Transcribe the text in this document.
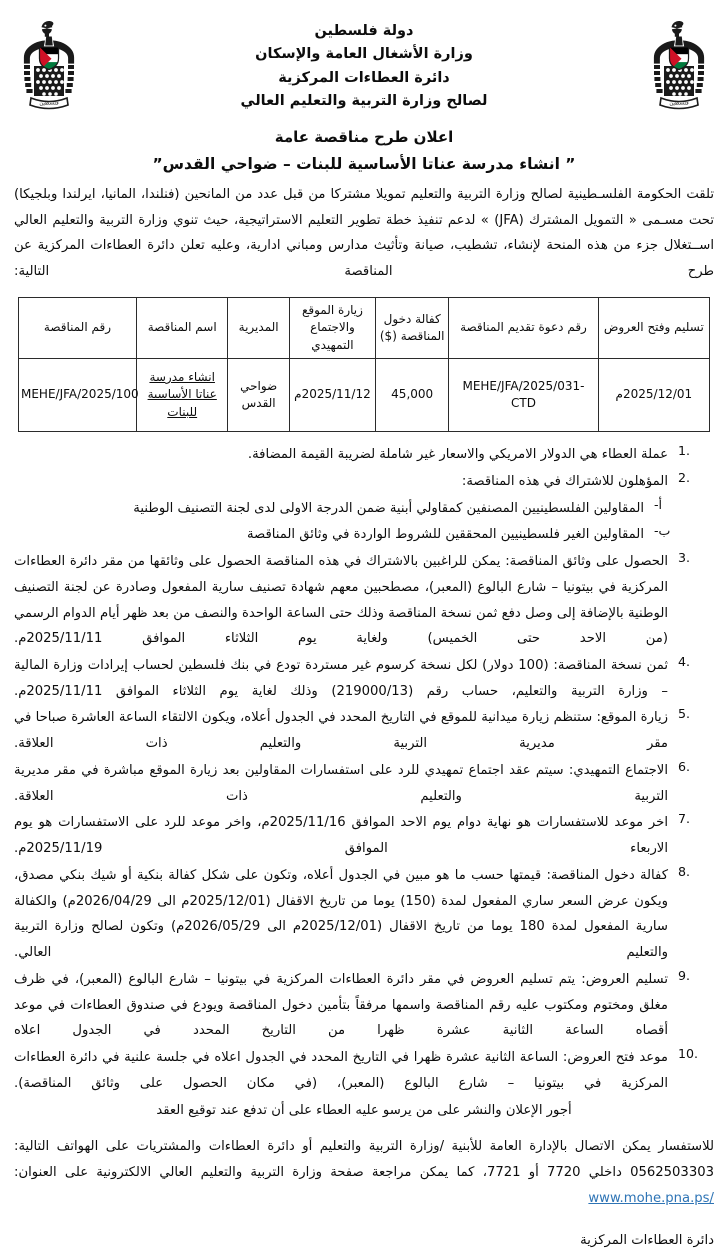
فلسطين	فلسطين
دولة فلسطين
وزارة الأشغال العامة والإسكان
دائرة العطاءات المركزية
لصالح وزارة التربية والتعليم العالي
اعلان طرح مناقصة عامة
” انشاء مدرسة عناتا الأساسية للبنات – ضواحي القدس”

تلقت الحكومة الفلسـطينية لصالح وزارة التربية والتعليم تمويلا مشتركا من قبل عدد من المانحين (فنلندا، المانيا، ايرلندا وبلجيكا) تحت مسـمى « التمويل المشترك (JFA) » لدعم تنفيذ خطة تطوير التعليم الاستراتيجية، حيث تنوي وزارة التربية والتعليم العالي اســتغلال جزء من هذه المنحة لإنشاء، تشطيب، صيانة وتأثيث مدارس ومباني ادارية، وعليه تعلن دائرة العطاءات المركزية عن طرح المناقصة التالية:

تسليم وفتح العروض	رقم دعوة تقديم المناقصة	كفالة دخول المناقصة ($)	زيارة الموقع والاجتماع التمهيدي	المديرية	اسم المناقصة	رقم المناقصة
2025/12/01م	MEHE/JFA/2025/031-CTD	45,000	2025/11/12م	ضواحي القدس	انشاء مدرسة عناتا الأساسية للبنات	MEHE/JFA/2025/100
.1
عملة العطاء هي الدولار الامريكي والاسعار غير شاملة لضريبة القيمة المضافة.
.2
المؤهلون للاشتراك في هذه المناقصة:
أ-
المقاولين الفلسطينيين المصنفين كمقاولي أبنية ضمن الدرجة الاولى لدى لجنة التصنيف الوطنية
ب-
المقاولين الغير فلسطينيين المحققين للشروط الواردة في وثائق المناقصة
.3
الحصول على وثائق المناقصة: يمكن للراغبين بالاشتراك في هذه المناقصة الحصول على وثائقها من مقر دائرة العطاءات المركزية في بيتونيا – شارع البالوع (المعبر)، مصطحبين معهم شهادة تصنيف سارية المفعول وصادرة عن لجنة التصنيف الوطنية بالإضافة إلى وصل دفع ثمن نسخة المناقصة وذلك حتى الساعة الواحدة والنصف من بعد ظهر أيام الدوام الرسمي (من الاحد حتى الخميس) ولغاية يوم الثلاثاء الموافق 2025/11/11م.
.4
ثمن نسخة المناقصة: (100 دولار) لكل نسخة كرسوم غير مستردة تودع في بنك فلسطين لحساب إيرادات وزارة المالية – وزارة التربية والتعليم، حساب رقم (219000/13) وذلك لغاية يوم الثلاثاء الموافق 2025/11/11م.
.5
زيارة الموقع: ستنظم زيارة ميدانية للموقع في التاريخ المحدد في الجدول أعلاه، ويكون الالتقاء الساعة العاشرة صباحا في مقر مديرية التربية والتعليم ذات العلاقة.
.6
الاجتماع التمهيدي: سيتم عقد اجتماع تمهيدي للرد على استفسارات المقاولين بعد زيارة الموقع مباشرة في مقر مديرية التربية والتعليم ذات العلاقة.
.7
اخر موعد للاستفسارات هو نهاية دوام يوم الاحد الموافق 2025/11/16م، واخر موعد للرد على الاستفسارات هو يوم الاربعاء الموافق 2025/11/19م.
.8
كفالة دخول المناقصة: قيمتها حسب ما هو مبين في الجدول أعلاه، وتكون على شكل كفالة بنكية أو شيك بنكي مصدق، ويكون عرض السعر ساري المفعول لمدة (150) يوما من تاريخ الاقفال (2025/12/01م الى 2026/04/29م) والكفالة سارية المفعول لمدة 180 يوما من تاريخ الاقفال (2025/12/01م الى 2026/05/29م) وتكون لصالح وزارة التربية والتعليم العالي.
.9
تسليم العروض: يتم تسليم العروض في مقر دائرة العطاءات المركزية في بيتونيا – شارع البالوع (المعبر)، في ظرف مغلق ومختوم ومكتوب عليه رقم المناقصة واسمها مرفقاً بتأمين دخول المناقصة ويودع في صندوق العطاءات في موعد أقصاه الساعة الثانية عشرة ظهرا من التاريخ المحدد في الجدول اعلاه
.10
موعد فتح العروض: الساعة الثانية عشرة ظهرا في التاريخ المحدد في الجدول اعلاه في جلسة علنية في دائرة العطاءات المركزية في بيتونيا – شارع البالوع (المعبر)، (في مكان الحصول على وثائق المناقصة).
أجور الإعلان والنشر على من يرسو عليه العطاء على أن تدفع عند توقيع العقد

للاستفسار يمكن الاتصال بالإدارة العامة للأبنية /وزارة التربية والتعليم أو دائرة العطاءات والمشتريات على الهواتف التالية: 0562503303 داخلي 7720 أو 7721، كما يمكن مراجعة صفحة وزارة التربية والتعليم العالي الالكترونية على العنوان:

www.mohe.pna.ps/
دائرة العطاءات المركزية
